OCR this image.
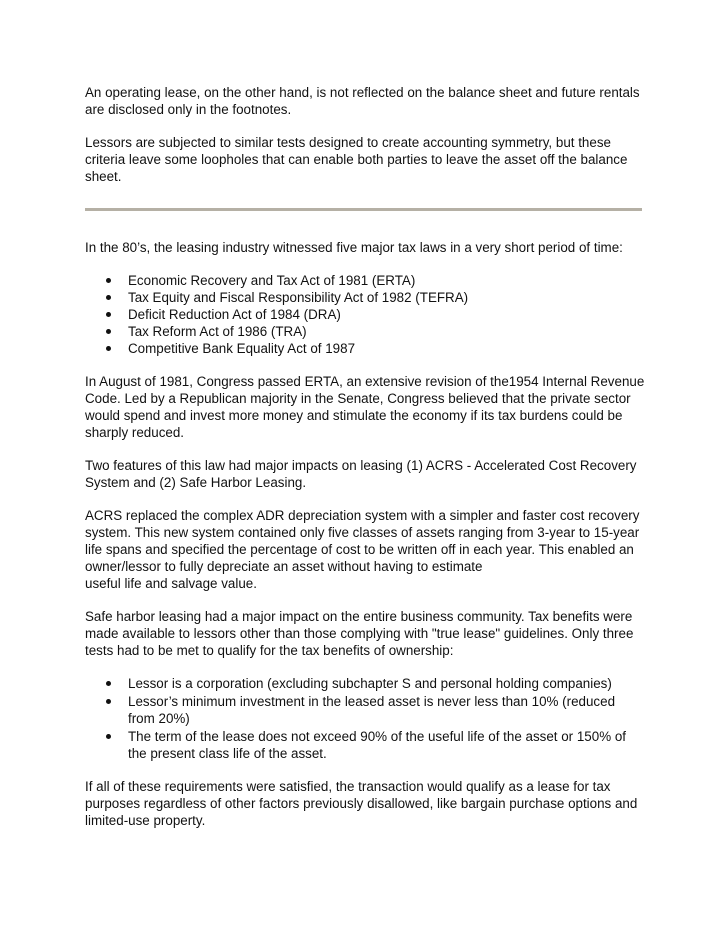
An operating lease, on the other hand, is not reflected on the balance sheet and future rentals are disclosed only in the footnotes.

Lessors are subjected to similar tests designed to create accounting symmetry, but these criteria leave some loopholes that can enable both parties to leave the asset off the balance sheet.

In the 80’s, the leasing industry witnessed five major tax laws in a very short period of time:

Economic Recovery and Tax Act of 1981 (ERTA)
Tax Equity and Fiscal Responsibility Act of 1982 (TEFRA)
Deficit Reduction Act of 1984 (DRA)
Tax Reform Act of 1986 (TRA)
Competitive Bank Equality Act of 1987

In August of 1981, Congress passed ERTA, an extensive revision of the1954 Internal Revenue Code. Led by a Republican majority in the Senate, Congress believed that the private sector would spend and invest more money and stimulate the economy if its tax burdens could be sharply reduced.

Two features of this law had major impacts on leasing (1) ACRS - Accelerated Cost Recovery System and (2) Safe Harbor Leasing.

ACRS replaced the complex ADR depreciation system with a simpler and faster cost recovery system. This new system contained only five classes of assets ranging from 3-year to 15-year life spans and specified the percentage of cost to be written off in each year. This enabled an owner/lessor to fully depreciate an asset without having to estimate
useful life and salvage value.

Safe harbor leasing had a major impact on the entire business community. Tax benefits were made available to lessors other than those complying with "true lease" guidelines. Only three tests had to be met to qualify for the tax benefits of ownership:

Lessor is a corporation (excluding subchapter S and personal holding companies)
Lessor’s minimum investment in the leased asset is never less than 10% (reduced from 20%)
The term of the lease does not exceed 90% of the useful life of the asset or 150% of the present class life of the asset.

If all of these requirements were satisfied, the transaction would qualify as a lease for tax purposes regardless of other factors previously disallowed, like bargain purchase options and limited-use property.
